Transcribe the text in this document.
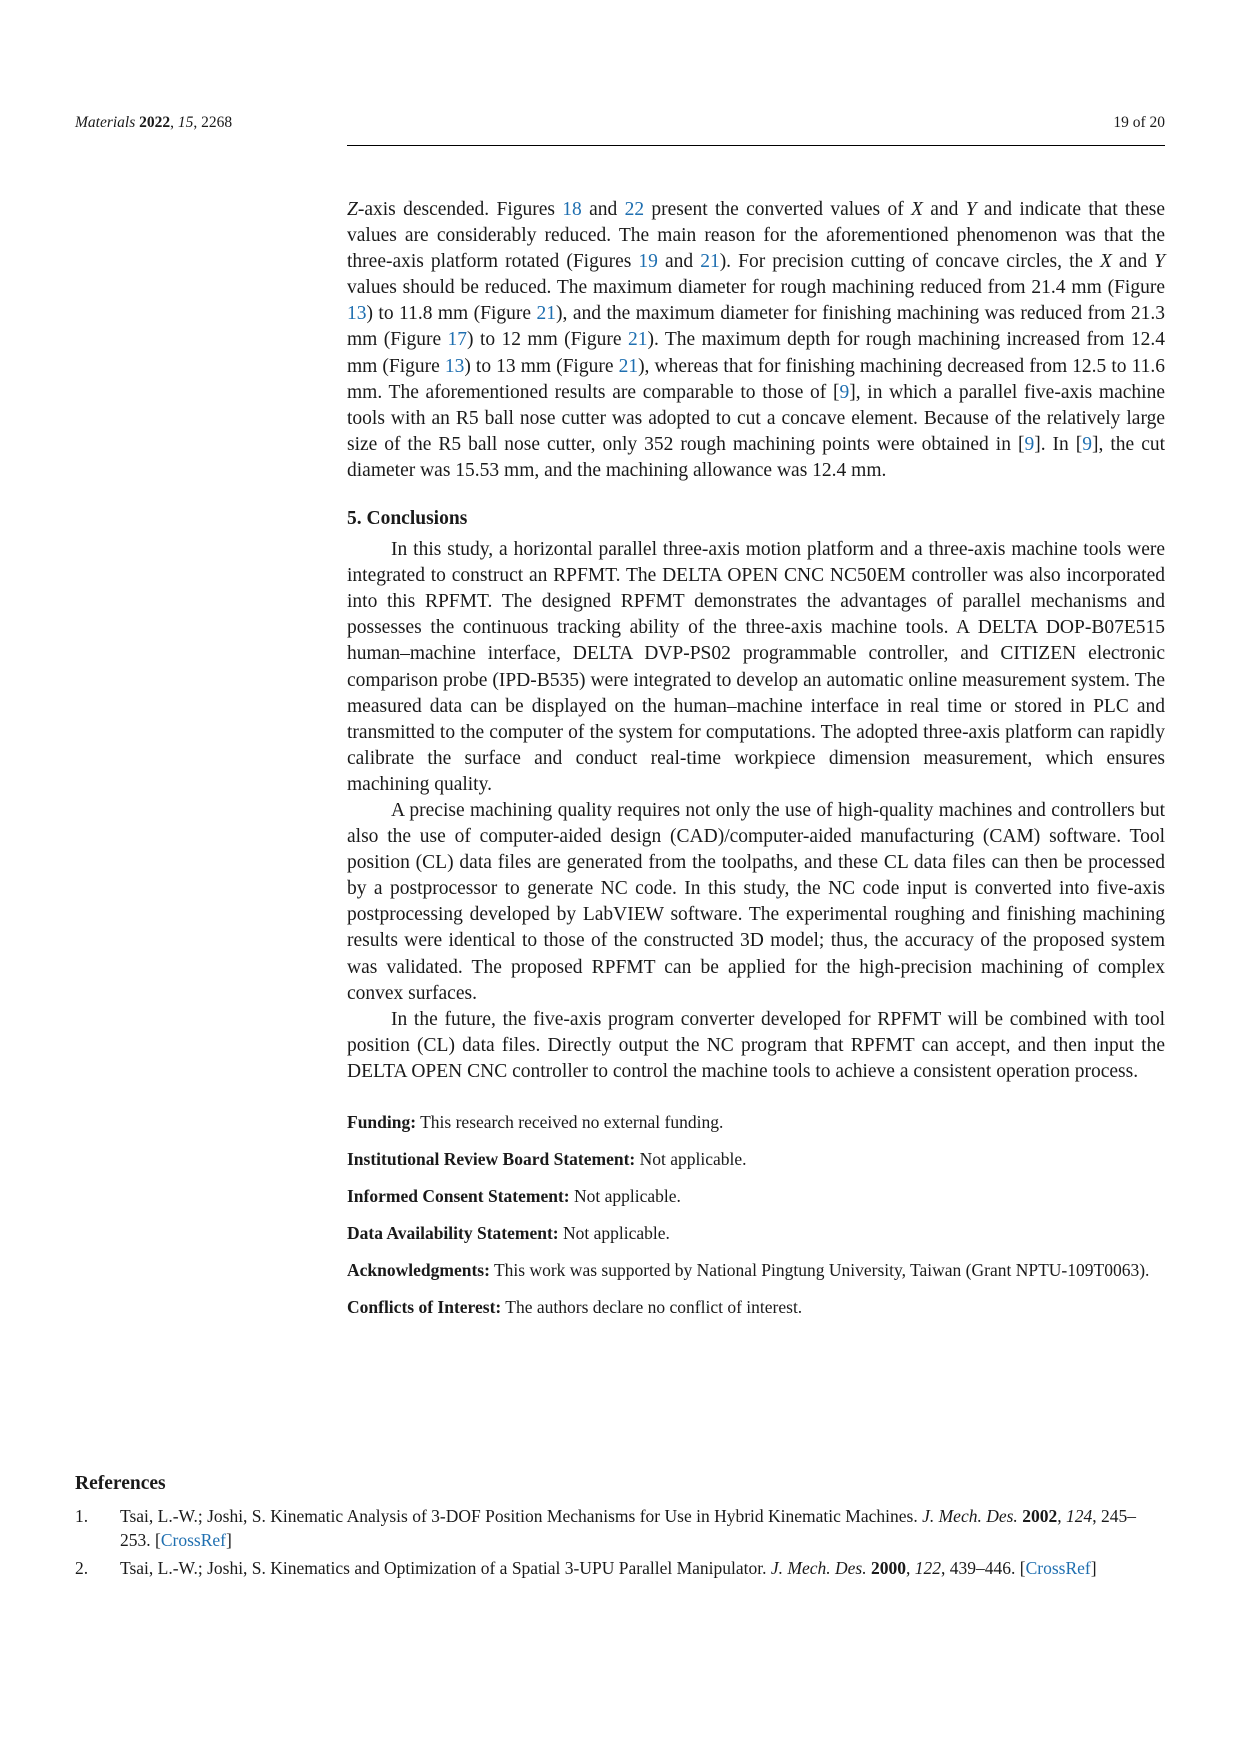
Materials 2022, 15, 2268	19 of 20

Z-axis descended. Figures 18 and 22 present the converted values of X and Y and indicate that these values are considerably reduced. The main reason for the aforementioned phenomenon was that the three-axis platform rotated (Figures 19 and 21). For precision cutting of concave circles, the X and Y values should be reduced. The maximum diameter for rough machining reduced from 21.4 mm (Figure 13) to 11.8 mm (Figure 21), and the maximum diameter for finishing machining was reduced from 21.3 mm (Figure 17) to 12 mm (Figure 21). The maximum depth for rough machining increased from 12.4 mm (Figure 13) to 13 mm (Figure 21), whereas that for finishing machining decreased from 12.5 to 11.6 mm. The aforementioned results are comparable to those of [9], in which a parallel five-axis machine tools with an R5 ball nose cutter was adopted to cut a concave element. Because of the relatively large size of the R5 ball nose cutter, only 352 rough machining points were obtained in [9]. In [9], the cut diameter was 15.53 mm, and the machining allowance was 12.4 mm.

5. Conclusions

In this study, a horizontal parallel three-axis motion platform and a three-axis machine tools were integrated to construct an RPFMT. The DELTA OPEN CNC NC50EM controller was also incorporated into this RPFMT. The designed RPFMT demonstrates the advantages of parallel mechanisms and possesses the continuous tracking ability of the three-axis machine tools. A DELTA DOP-B07E515 human–machine interface, DELTA DVP-PS02 programmable controller, and CITIZEN electronic comparison probe (IPD-B535) were integrated to develop an automatic online measurement system. The measured data can be displayed on the human–machine interface in real time or stored in PLC and transmitted to the computer of the system for computations. The adopted three-axis platform can rapidly calibrate the surface and conduct real-time workpiece dimension measurement, which ensures machining quality.

A precise machining quality requires not only the use of high-quality machines and controllers but also the use of computer-aided design (CAD)/computer-aided manufacturing (CAM) software. Tool position (CL) data files are generated from the toolpaths, and these CL data files can then be processed by a postprocessor to generate NC code. In this study, the NC code input is converted into five-axis postprocessing developed by LabVIEW software. The experimental roughing and finishing machining results were identical to those of the constructed 3D model; thus, the accuracy of the proposed system was validated. The proposed RPFMT can be applied for the high-precision machining of complex convex surfaces.

In the future, the five-axis program converter developed for RPFMT will be combined with tool position (CL) data files. Directly output the NC program that RPFMT can accept, and then input the DELTA OPEN CNC controller to control the machine tools to achieve a consistent operation process.

Funding: This research received no external funding.

Institutional Review Board Statement: Not applicable.

Informed Consent Statement: Not applicable.

Data Availability Statement: Not applicable.

Acknowledgments: This work was supported by National Pingtung University, Taiwan (Grant NPTU-109T0063).

Conflicts of Interest: The authors declare no conflict of interest.

References
1. Tsai, L.-W.; Joshi, S. Kinematic Analysis of 3-DOF Position Mechanisms for Use in Hybrid Kinematic Machines. J. Mech. Des. 2002, 124, 245–253. [CrossRef]
2. Tsai, L.-W.; Joshi, S. Kinematics and Optimization of a Spatial 3-UPU Parallel Manipulator. J. Mech. Des. 2000, 122, 439–446. [CrossRef]
